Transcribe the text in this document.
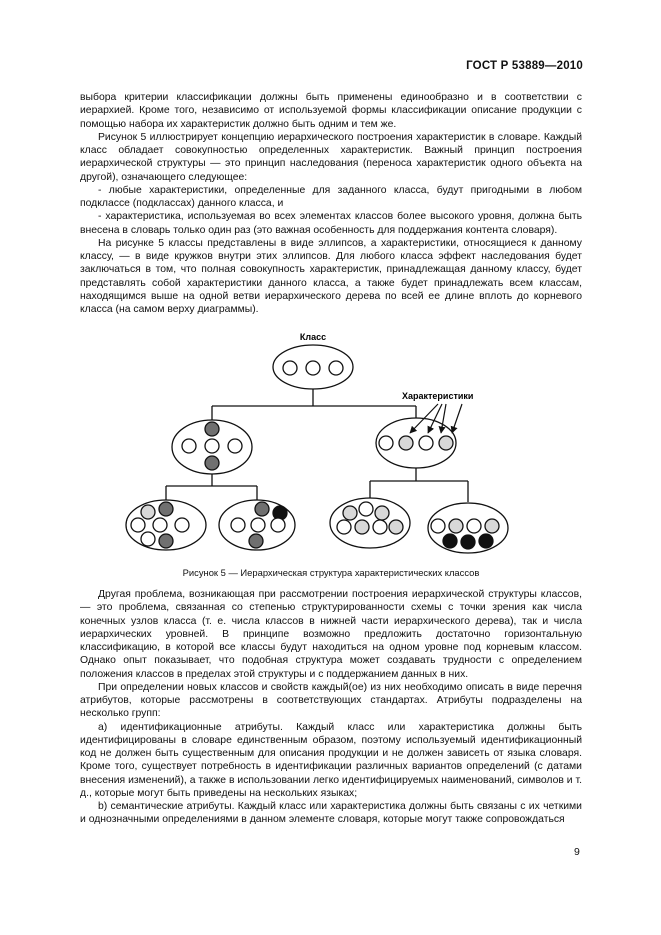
ГОСТ Р 53889—2010

выбора критерии классификации должны быть применены единообразно и в соответствии с иерархией. Кроме того, независимо от используемой формы классификации описание продукции с помощью набора их характеристик должно быть одним и тем же.

Рисунок 5 иллюстрирует концепцию иерархического построения характеристик в словаре. Каждый класс обладает совокупностью определенных характеристик. Важный принцип построения иерархической структуры — это принцип наследования (переноса характеристик одного объекта на другой), означающего следующее:

- любые характеристики, определенные для заданного класса, будут пригодными в любом подклассе (подклассах) данного класса, и

- характеристика, используемая во всех элементах классов более высокого уровня, должна быть внесена в словарь только один раз (это важная особенность для поддержания контента словаря).

На рисунке 5 классы представлены в виде эллипсов, а характеристики, относящиеся к данному классу, — в виде кружков внутри этих эллипсов. Для любого класса эффект наследования будет заключаться в том, что полная совокупность характеристик, принадлежащая данному классу, будет представлять собой характеристики данного класса, а также будет принадлежать всем классам, находящимся выше на одной ветви иерархического дерева по всей ее длине вплоть до корневого класса (на самом верху диаграммы).

Класс
Характеристики
Рисунок 5 — Иерархическая структура характеристических классов

Другая проблема, возникающая при рассмотрении построения иерархической структуры классов, — это проблема, связанная со степенью структурированности схемы с точки зрения как числа конечных узлов класса (т. е. числа классов в нижней части иерархического дерева), так и числа иерархических уровней. В принципе возможно предложить достаточно горизонтальную классификацию, в которой все классы будут находиться на одном уровне под корневым классом. Однако опыт показывает, что подобная структура может создавать трудности с определением положения классов в пределах этой структуры и с поддержанием данных в них.

При определении новых классов и свойств каждый(ое) из них необходимо описать в виде перечня атрибутов, которые рассмотрены в соответствующих стандартах. Атрибуты подразделены на несколько групп:

a) идентификационные атрибуты. Каждый класс или характеристика должны быть идентифицированы в словаре единственным образом, поэтому используемый идентификационный код не должен быть существенным для описания продукции и не должен зависеть от языка словаря. Кроме того, существует потребность в идентификации различных вариантов определений (с датами внесения изменений), а также в использовании легко идентифицируемых наименований, символов и т. д., которые могут быть приведены на нескольких языках;

b) семантические атрибуты. Каждый класс или характеристика должны быть связаны с их четкими и однозначными определениями в данном элементе словаря, которые могут также сопровождаться

9
